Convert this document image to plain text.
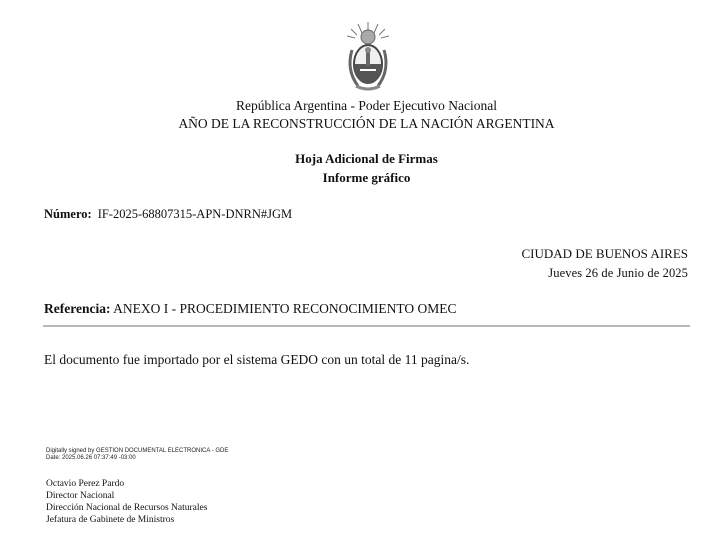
República Argentina - Poder Ejecutivo Nacional
AÑO DE LA RECONSTRUCCIÓN DE LA NACIÓN ARGENTINA
Hoja Adicional de Firmas
Informe gráfico
Número: IF-2025-68807315-APN-DNRN#JGM
CIUDAD DE BUENOS AIRES
Jueves 26 de Junio de 2025
Referencia: ANEXO I - PROCEDIMIENTO RECONOCIMIENTO OMEC
El documento fue importado por el sistema GEDO con un total de 11 pagina/s.
Digitally signed by GESTION DOCUMENTAL ELECTRONICA - GDE
Date: 2025.06.26 07:37:49 -03:00
Octavio Perez Pardo
Director Nacional
Dirección Nacional de Recursos Naturales
Jefatura de Gabinete de Ministros
